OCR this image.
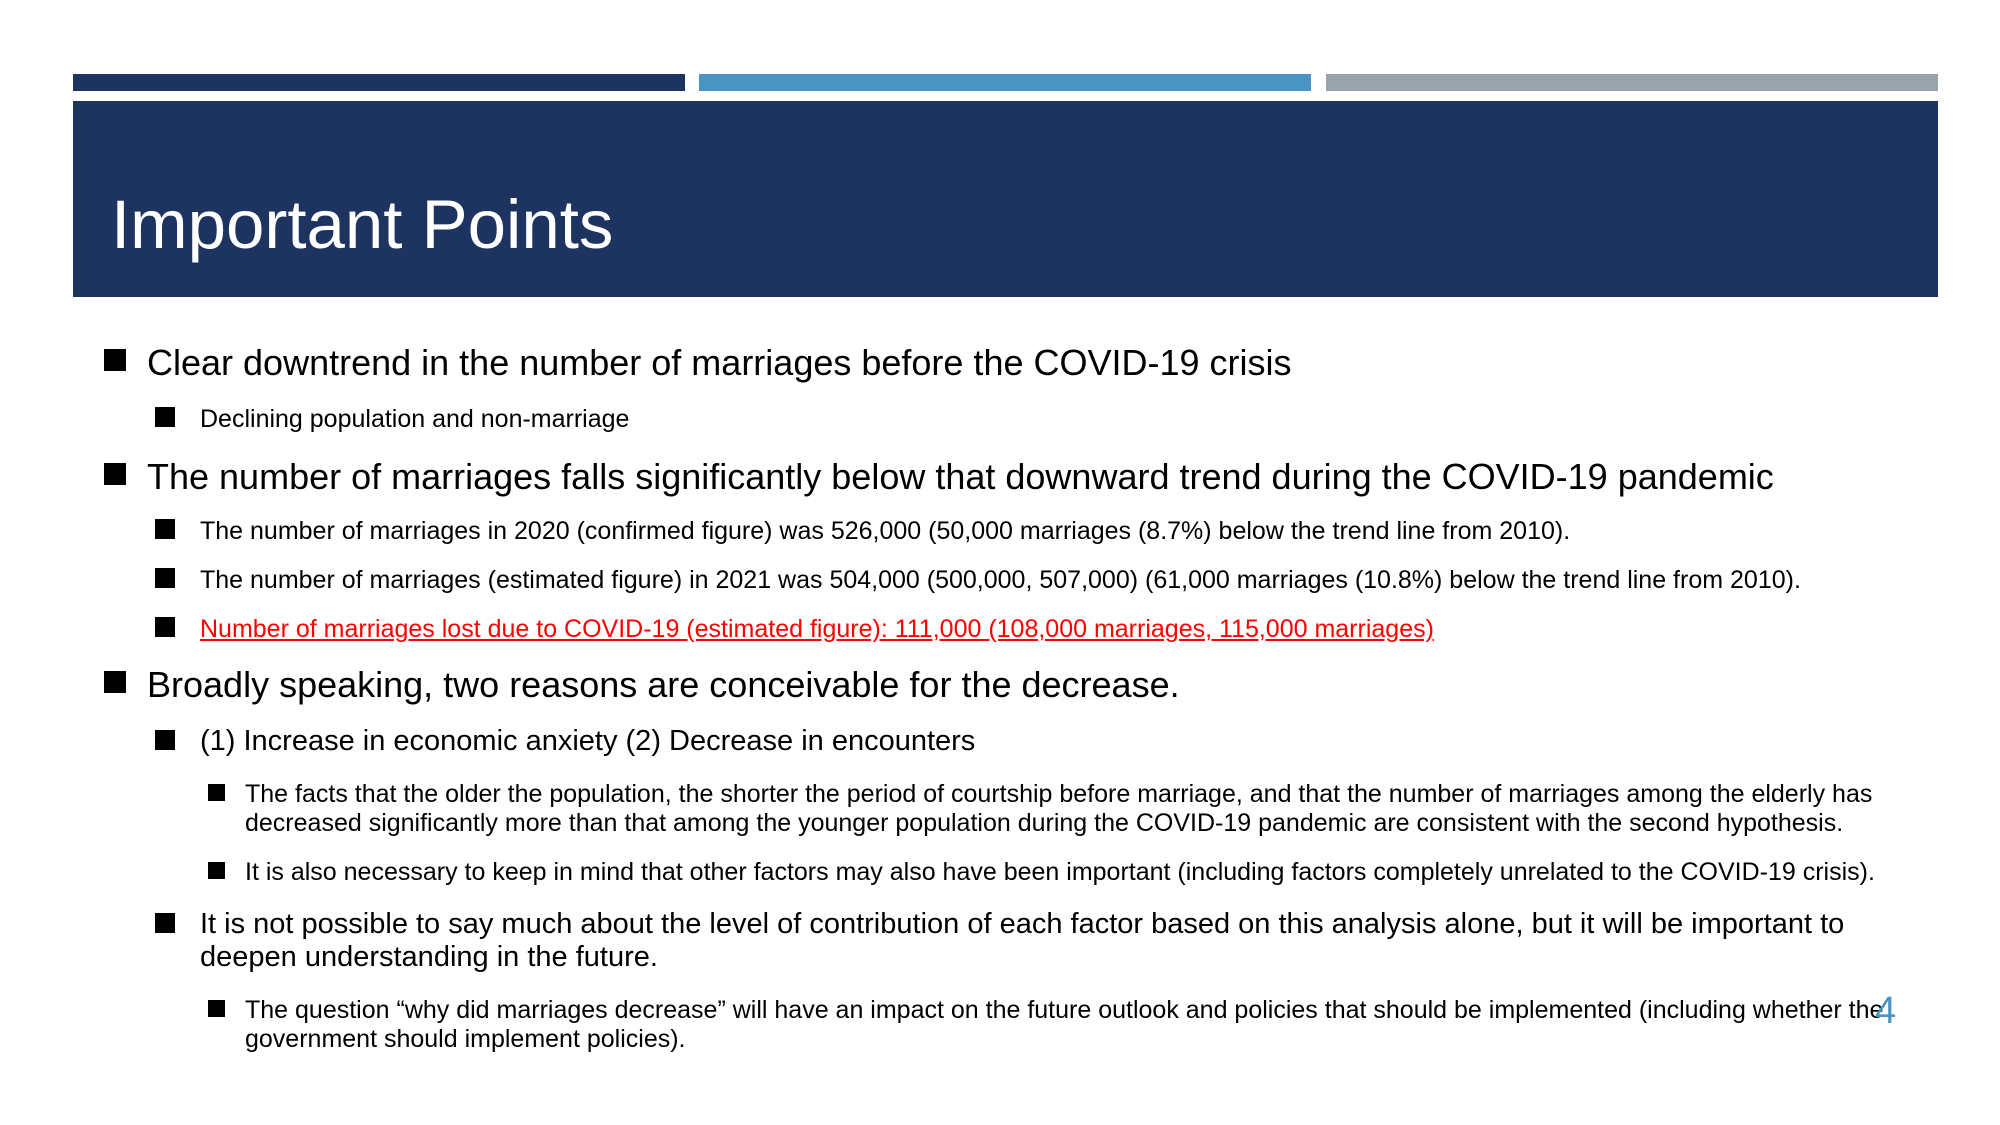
Important Points
Clear downtrend in the number of marriages before the COVID-19 crisis
Declining population and non-marriage
The number of marriages falls significantly below that downward trend during the COVID-19 pandemic
The number of marriages in 2020 (confirmed figure) was 526,000 (50,000 marriages (8.7%) below the trend line from 2010).
The number of marriages (estimated figure) in 2021 was 504,000 (500,000, 507,000) (61,000 marriages (10.8%) below the trend line from 2010).
Number of marriages lost due to COVID-19 (estimated figure): 111,000 (108,000 marriages, 115,000 marriages)
Broadly speaking, two reasons are conceivable for the decrease.
(1) Increase in economic anxiety (2) Decrease in encounters
The facts that the older the population, the shorter the period of courtship before marriage, and that the number of marriages among the elderly has decreased significantly more than that among the younger population during the COVID-19 pandemic are consistent with the second hypothesis.
It is also necessary to keep in mind that other factors may also have been important (including factors completely unrelated to the COVID-19 crisis).
It is not possible to say much about the level of contribution of each factor based on this analysis alone, but it will be important to deepen understanding in the future.
The question “why did marriages decrease” will have an impact on the future outlook and policies that should be implemented (including whether the government should implement policies).
4
